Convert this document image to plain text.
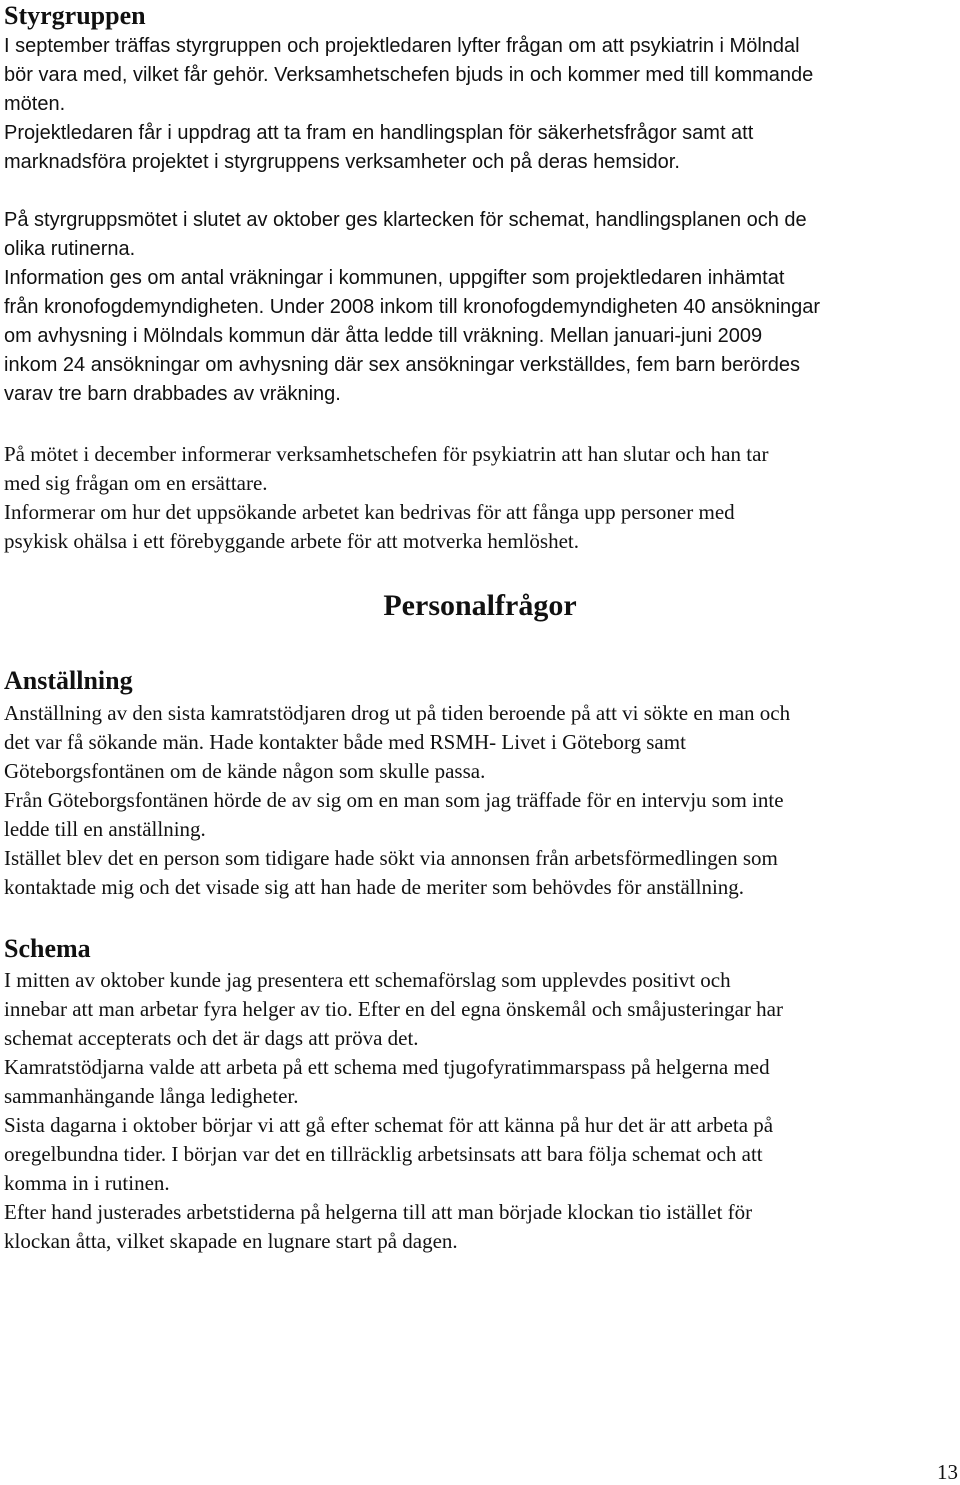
Styrgruppen
I september träffas styrgruppen och projektledaren lyfter frågan om att psykiatrin i Mölndal
bör vara med, vilket får gehör. Verksamhetschefen bjuds in och kommer med till kommande
möten.
Projektledaren får i uppdrag att ta fram en handlingsplan för säkerhetsfrågor samt att
marknadsföra projektet i styrgruppens verksamheter och på deras hemsidor.
På styrgruppsmötet i slutet av oktober ges klartecken för schemat, handlingsplanen och de
olika rutinerna.
Information ges om antal vräkningar i kommunen, uppgifter som projektledaren inhämtat
från kronofogdemyndigheten. Under 2008 inkom till kronofogdemyndigheten 40 ansökningar
om avhysning i Mölndals kommun där åtta ledde till vräkning. Mellan januari-juni 2009
inkom 24 ansökningar om avhysning där sex ansökningar verkställdes, fem barn berördes
varav tre barn drabbades av vräkning.
På mötet i december informerar verksamhetschefen för psykiatrin att han slutar och han tar
med sig frågan om en ersättare.
Informerar om hur det uppsökande arbetet kan bedrivas för att fånga upp personer med
psykisk ohälsa i ett förebyggande arbete för att motverka hemlöshet.
Personalfrågor
Anställning
Anställning av den sista kamratstödjaren drog ut på tiden beroende på att vi sökte en man och
det var få sökande män. Hade kontakter både med RSMH- Livet i Göteborg samt
Göteborgsfontänen om de kände någon som skulle passa.
Från Göteborgsfontänen hörde de av sig om en man som jag träffade för en intervju som inte
ledde till en anställning.
Istället blev det en person som tidigare hade sökt via annonsen från arbetsförmedlingen som
kontaktade mig och det visade sig att han hade de meriter som behövdes för anställning.
Schema
I mitten av oktober kunde jag presentera ett schemaförslag som upplevdes positivt och
innebar att man arbetar fyra helger av tio. Efter en del egna önskemål och småjusteringar har
schemat accepterats och det är dags att pröva det.
Kamratstödjarna valde att arbeta på ett schema med tjugofyratimmarspass på helgerna med
sammanhängande långa ledigheter.
Sista dagarna i oktober börjar vi att gå efter schemat för att känna på hur det är att arbeta på
oregelbundna tider. I början var det en tillräcklig arbetsinsats att bara följa schemat och att
komma in i rutinen.
Efter hand justerades arbetstiderna på helgerna till att man började klockan tio istället för
klockan åtta, vilket skapade en lugnare start på dagen.
13
